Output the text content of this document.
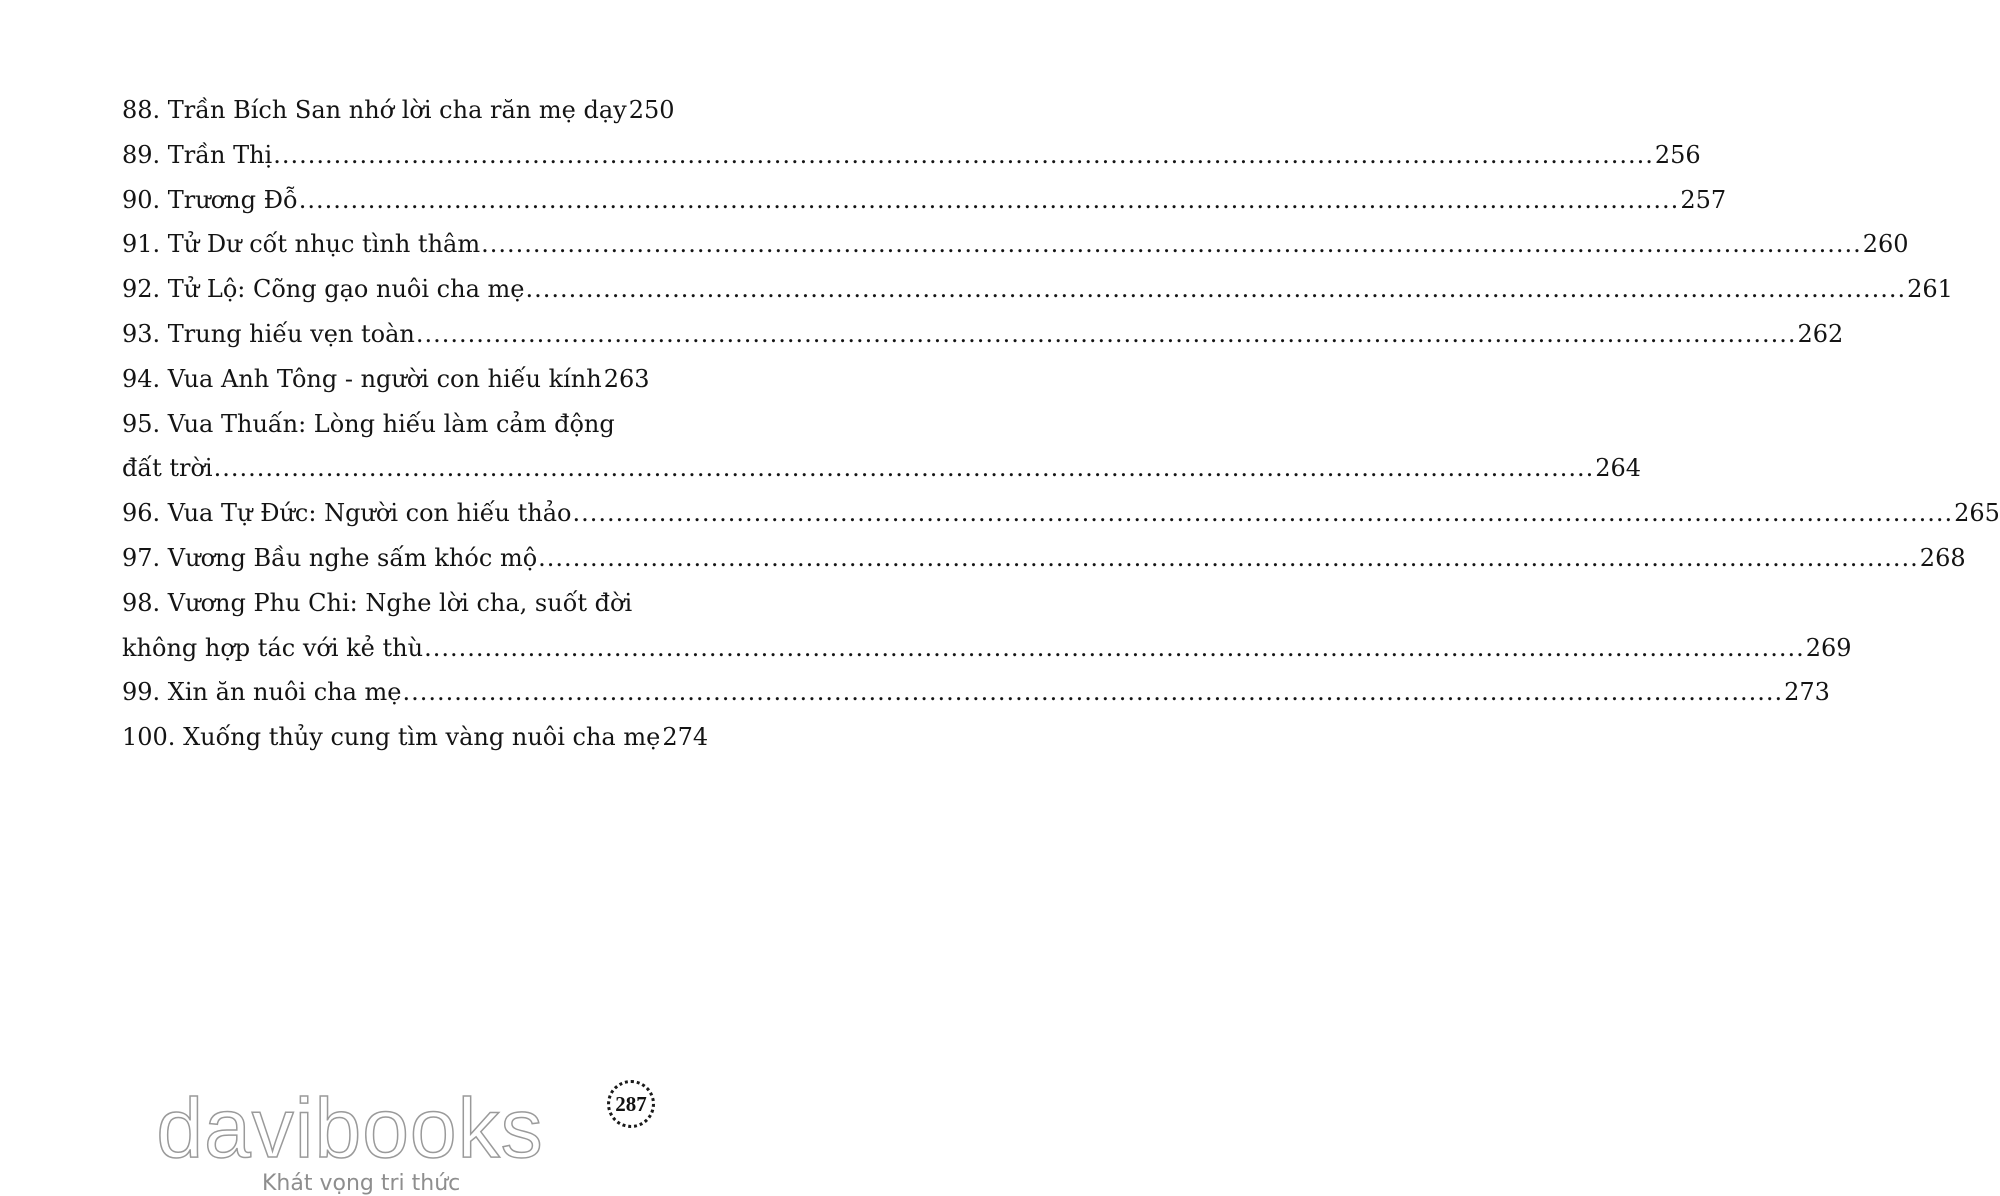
88. Trần Bích San nhớ lời cha răn mẹ dạy 250
89. Trần Thị ................................................................................................................................................................ 256
90. Trương Đỗ ................................................................................................................................................................ 257
91. Tử Dư cốt nhục tình thâm ................................................................................................................................................................ 260
92. Tử Lộ: Cõng gạo nuôi cha mẹ ................................................................................................................................................................ 261
93. Trung hiếu vẹn toàn ................................................................................................................................................................ 262
94. Vua Anh Tông - người con hiếu kính 263
95. Vua Thuấn: Lòng hiếu làm cảm động
đất trời ................................................................................................................................................................ 264
96. Vua Tự Đức: Người con hiếu thảo ................................................................................................................................................................ 265
97. Vương Bầu nghe sấm khóc mộ ................................................................................................................................................................ 268
98. Vương Phu Chi: Nghe lời cha, suốt đời
không hợp tác với kẻ thù ................................................................................................................................................................ 269
99. Xin ăn nuôi cha mẹ ................................................................................................................................................................ 273
100. Xuống thủy cung tìm vàng nuôi cha mẹ 274
287
davibooks
Khát vọng tri thức
